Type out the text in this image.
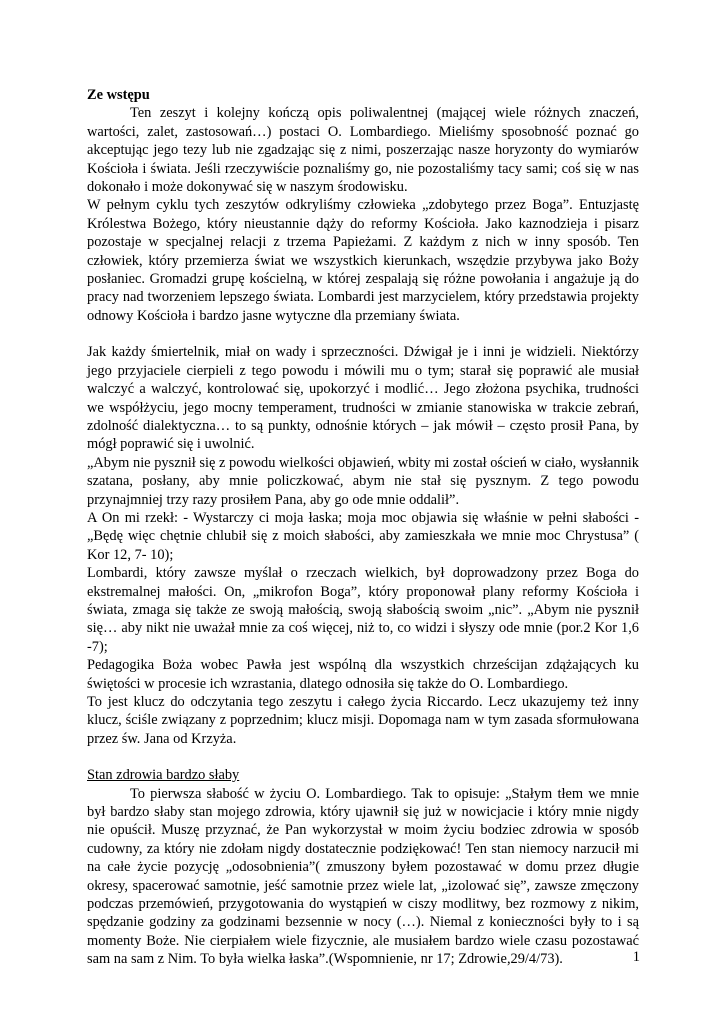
Ze wstępu

Ten zeszyt i kolejny kończą opis poliwalentnej (mającej wiele różnych znaczeń, wartości, zalet, zastosowań…) postaci O. Lombardiego. Mieliśmy sposobność poznać go akceptując jego tezy lub nie zgadzając się z nimi, poszerzając nasze horyzonty do wymiarów Kościoła i świata. Jeśli rzeczywiście poznaliśmy go, nie pozostaliśmy tacy sami; coś się w nas dokonało i może dokonywać się w naszym środowisku.

W pełnym cyklu tych zeszytów odkryliśmy człowieka „zdobytego przez Boga”. Entuzjastę Królestwa Bożego, który nieustannie dąży do reformy Kościoła. Jako kaznodzieja i pisarz pozostaje w specjalnej relacji z trzema Papieżami. Z każdym z nich w inny sposób. Ten człowiek, który przemierza świat we wszystkich kierunkach, wszędzie przybywa jako Boży posłaniec. Gromadzi grupę kościelną, w której zespalają się różne powołania i angażuje ją do pracy nad tworzeniem lepszego świata. Lombardi jest marzycielem, który przedstawia projekty odnowy Kościoła i bardzo jasne wytyczne dla przemiany świata.

Jak każdy śmiertelnik, miał on wady i sprzeczności. Dźwigał je i inni je widzieli. Niektórzy jego przyjaciele cierpieli z tego powodu i mówili mu o tym; starał się poprawić ale musiał walczyć a walczyć, kontrolować się, upokorzyć i modlić… Jego złożona psychika, trudności we współżyciu, jego mocny temperament, trudności w zmianie stanowiska w trakcie zebrań, zdolność dialektyczna… to są punkty, odnośnie których – jak mówił – często prosił Pana, by mógł poprawić się i uwolnić.

„Abym nie pysznił się z powodu wielkości objawień, wbity mi został oścień w ciało, wysłannik szatana, posłany, aby mnie policzkować, abym nie stał się pysznym. Z tego powodu przynajmniej trzy razy prosiłem Pana, aby go ode mnie oddalił”.

A On mi rzekł: - Wystarczy ci moja łaska; moja moc objawia się właśnie w pełni słabości - „Będę więc chętnie chlubił się z moich słabości, aby zamieszkała we mnie moc Chrystusa” ( Kor 12, 7- 10);

Lombardi, który zawsze myślał o rzeczach wielkich, był doprowadzony przez Boga do ekstremalnej małości. On, „mikrofon Boga”, który proponował plany reformy Kościoła i świata, zmaga się także ze swoją małością, swoją słabością swoim „nic”. „Abym nie pysznił się… aby nikt nie uważał mnie za coś więcej, niż to, co widzi i słyszy ode mnie (por.2 Kor 1,6 -7);

Pedagogika Boża wobec Pawła jest wspólną dla wszystkich chrześcijan zdążających ku świętości w procesie ich wzrastania, dlatego odnosiła się także do O. Lombardiego.

To jest klucz do odczytania tego zeszytu i całego życia Riccardo. Lecz ukazujemy też inny klucz, ściśle związany z poprzednim; klucz misji. Dopomaga nam w tym zasada sformułowana przez św. Jana od Krzyża.

Stan zdrowia bardzo słaby

To pierwsza słabość w życiu O. Lombardiego. Tak to opisuje: „Stałym tłem we mnie był bardzo słaby stan mojego zdrowia, który ujawnił się już w nowicjacie i który mnie nigdy nie opuścił. Muszę przyznać, że Pan wykorzystał w moim życiu bodziec zdrowia w sposób cudowny, za który nie zdołam nigdy dostatecznie podziękować! Ten stan niemocy narzucił mi na całe życie pozycję „odosobnienia”( zmuszony byłem pozostawać w domu przez długie okresy, spacerować samotnie, jeść samotnie przez wiele lat, „izolować się”, zawsze zmęczony podczas przemówień, przygotowania do wystąpień w ciszy modlitwy, bez rozmowy z nikim, spędzanie godziny za godzinami bezsennie w nocy (…). Niemal z konieczności były to i są momenty Boże. Nie cierpiałem wiele fizycznie, ale musiałem bardzo wiele czasu pozostawać sam na sam z Nim. To była wielka łaska”.(Wspomnienie, nr 17; Zdrowie,29/4/73).	1
